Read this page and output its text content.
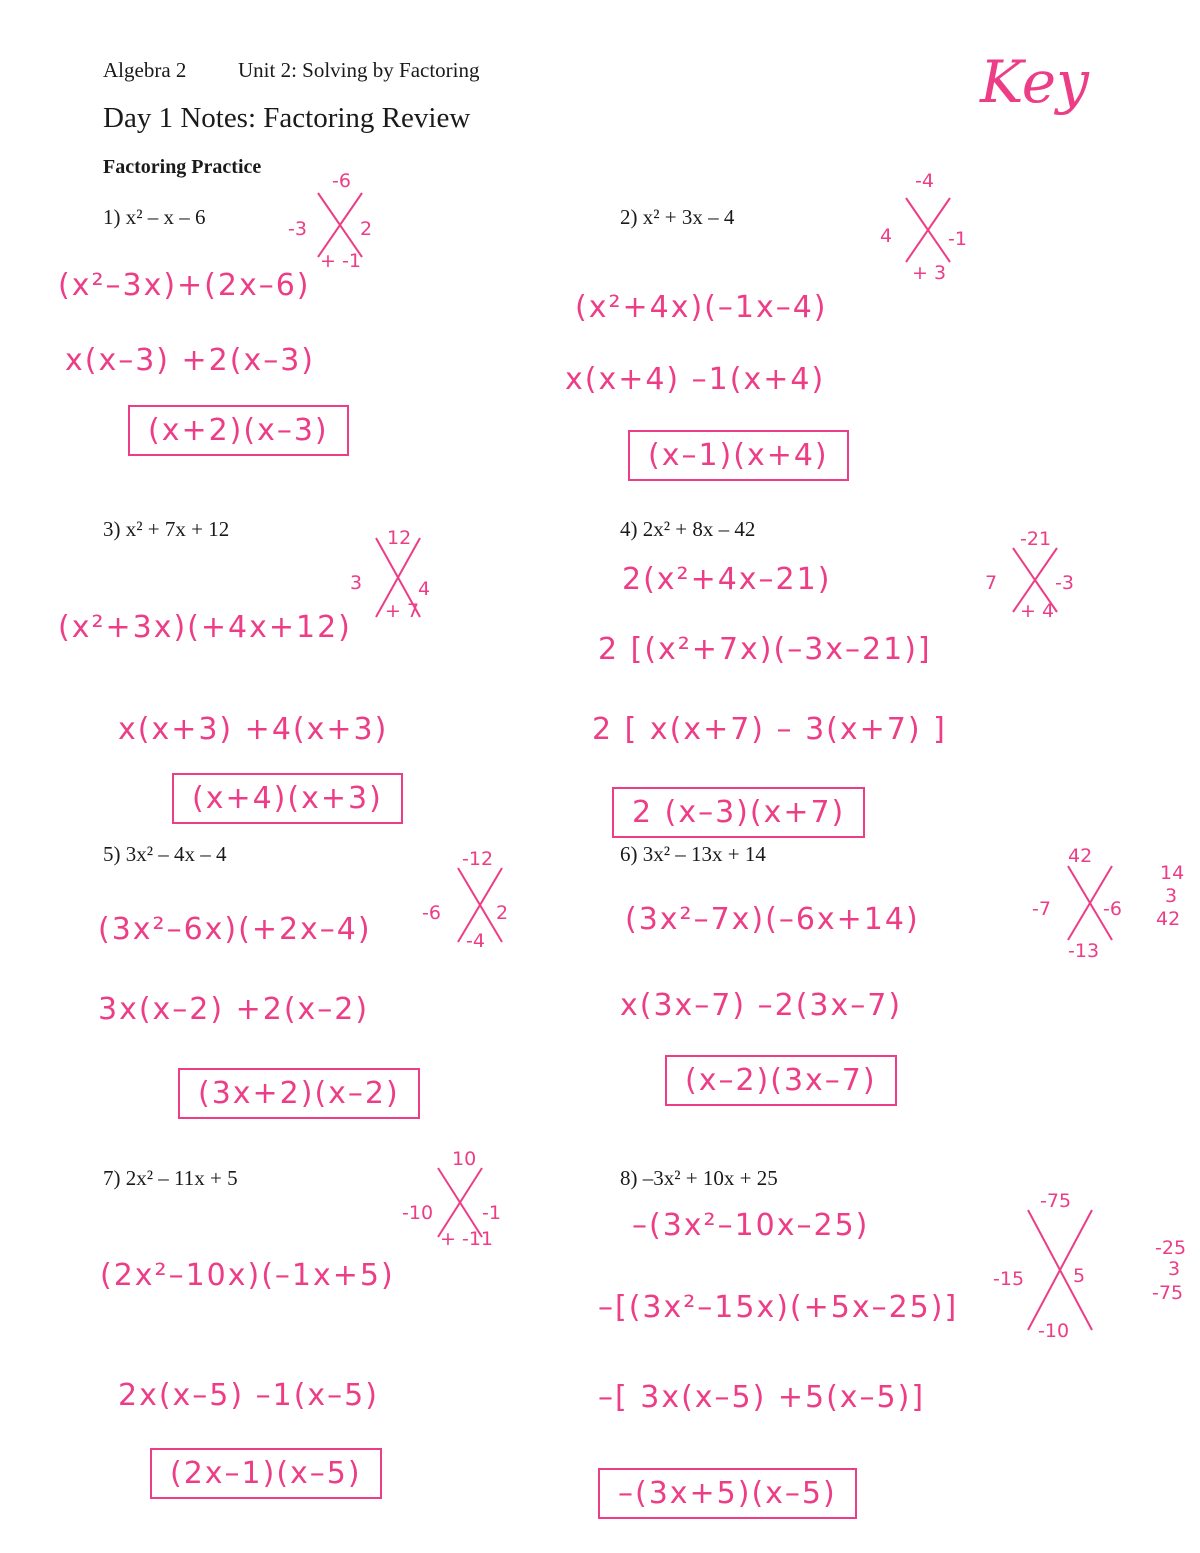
Algebra 2 Unit 2: Solving by Factoring
Day 1 Notes: Factoring Review
Factoring Practice
Key
1) x² – x – 6
-6
-3	2
+ -1
(x²–3x)+(2x–6)
x(x–3) +2(x–3)
(x+2)(x–3)
2) x² + 3x – 4
-4
4	-1
+ 3
(x²+4x)(–1x–4)
x(x+4) –1(x+4)
(x–1)(x+4)
3) x² + 7x + 12	12
3	4
+ 7
(x²+3x)(+4x+12)
x(x+3) +4(x+3)
(x+4)(x+3)
4) 2x² + 8x – 42	-21
7	-3
+ 4
2(x²+4x–21)
2 [(x²+7x)(–3x–21)]
2 [ x(x+7) – 3(x+7) ]
2 (x–3)(x+7)
5) 3x² – 4x – 4	-12
-6	2
-4
(3x²–6x)(+2x–4)
3x(x–2) +2(x–2)
(3x+2)(x–2)
6) 3x² – 13x + 14	42
-7	-6
-13
14
3
42
(3x²–7x)(–6x+14)
x(3x–7) –2(3x–7)
(x–2)(3x–7)
7) 2x² – 11x + 5
10
-10	-1
+ -11
(2x²–10x)(–1x+5)
2x(x–5) –1(x–5)
(2x–1)(x–5)
8) –3x² + 10x + 25
-75
-15	5
-10
-25
3
-75
–(3x²–10x–25)
–[(3x²–15x)(+5x–25)]
–[ 3x(x–5) +5(x–5)]
–(3x+5)(x–5)
